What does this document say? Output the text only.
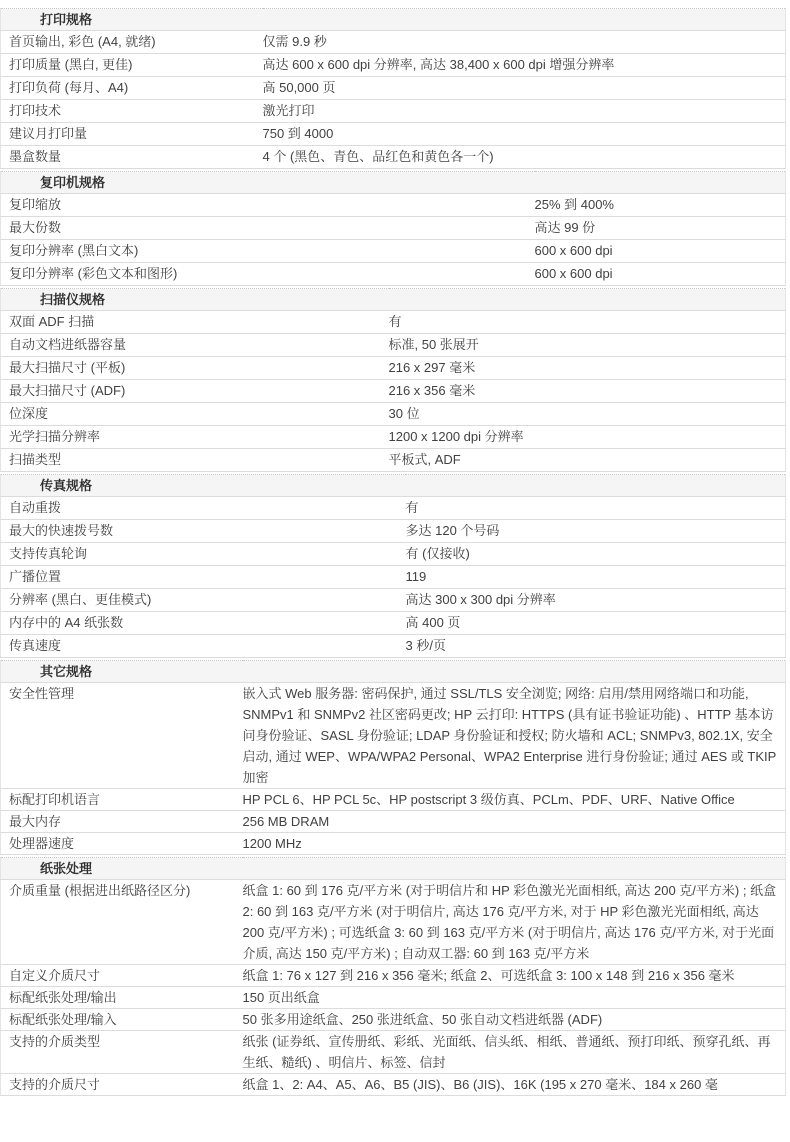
打印规格	
首页输出, 彩色 (A4, 就绪)	仅需 9.9 秒
打印质量 (黑白, 更佳)	高达 600 x 600 dpi 分辨率, 高达 38,400 x 600 dpi 增强分辨率
打印负荷 (每月、A4)	高 50,000 页
打印技术	激光打印
建议月打印量	750 到 4000
墨盒数量	4 个 (黑色、青色、品红色和黄色各一个)
复印机规格	
复印缩放	25% 到 400%
最大份数	高达 99 份
复印分辨率 (黑白文本)	600 x 600 dpi
复印分辨率 (彩色文本和图形)	600 x 600 dpi
扫描仪规格	
双面 ADF 扫描	有
自动文档进纸器容量	标准, 50 张展开
最大扫描尺寸 (平板)	216 x 297 毫米
最大扫描尺寸 (ADF)	216 x 356 毫米
位深度	30 位
光学扫描分辨率	1200 x 1200 dpi 分辨率
扫描类型	平板式, ADF
传真规格	
自动重拨	有
最大的快速拨号数	多达 120 个号码
支持传真轮询	有 (仅接收)
广播位置	119
分辨率 (黑白、更佳模式)	高达 300 x 300 dpi 分辨率
内存中的 A4 纸张数	高 400 页
传真速度	3 秒/页
其它规格	
安全性管理	嵌入式 Web 服务器: 密码保护, 通过 SSL/TLS 安全浏览; 网络: 启用/禁用网络端口和功能, SNMPv1 和 SNMPv2 社区密码更改; HP 云打印: HTTPS (具有证书验证功能) 、HTTP 基本访问身份验证、SASL 身份验证; LDAP 身份验证和授权; 防火墙和 ACL; SNMPv3, 802.1X, 安全启动, 通过 WEP、WPA/WPA2 Personal、WPA2 Enterprise 进行身份验证; 通过 AES 或 TKIP 加密
标配打印机语言	HP PCL 6、HP PCL 5c、HP postscript 3 级仿真、PCLm、PDF、URF、Native Office
最大内存	256 MB DRAM
处理器速度	1200 MHz
纸张处理	
介质重量 (根据进出纸路径区分)	纸盒 1: 60 到 176 克/平方米 (对于明信片和 HP 彩色激光光面相纸, 高达 200 克/平方米) ; 纸盒 2: 60 到 163 克/平方米 (对于明信片, 高达 176 克/平方米, 对于 HP 彩色激光光面相纸, 高达 200 克/平方米) ; 可选纸盒 3: 60 到 163 克/平方米 (对于明信片, 高达 176 克/平方米, 对于光面介质, 高达 150 克/平方米) ; 自动双工器: 60 到 163 克/平方米
自定义介质尺寸	纸盒 1: 76 x 127 到 216 x 356 毫米; 纸盒 2、可选纸盒 3: 100 x 148 到 216 x 356 毫米
标配纸张处理/输出	150 页出纸盒
标配纸张处理/输入	50 张多用途纸盒、250 张进纸盒、50 张自动文档进纸器 (ADF)
支持的介质类型	纸张 (证券纸、宣传册纸、彩纸、光面纸、信头纸、相纸、普通纸、预打印纸、预穿孔纸、再生纸、糙纸) 、明信片、标签、信封
支持的介质尺寸	纸盒 1、2: A4、A5、A6、B5 (JIS)、B6 (JIS)、16K (195 x 270 毫米、184 x 260 毫
